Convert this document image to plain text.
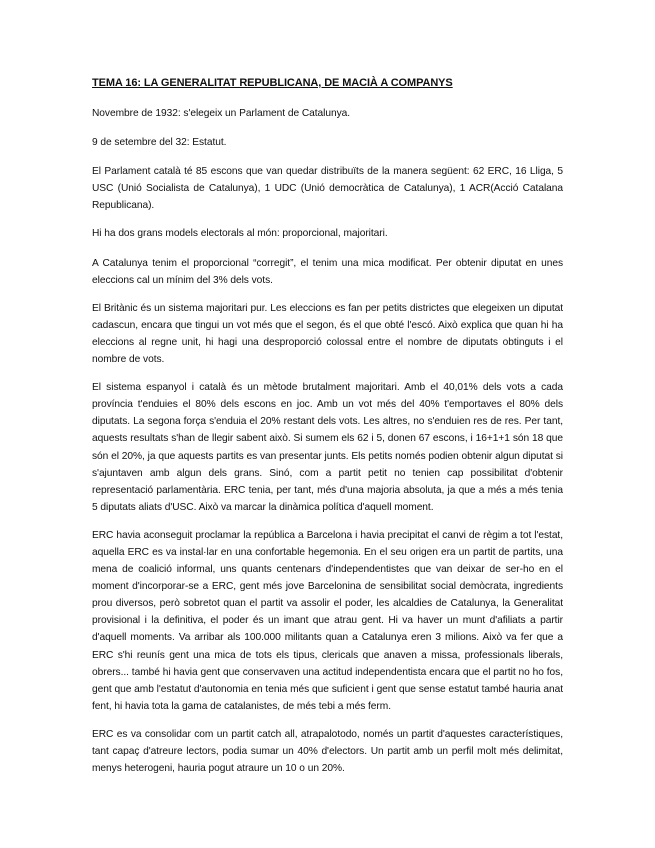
TEMA 16: LA GENERALITAT REPUBLICANA, DE MACIÀ A COMPANYS

Novembre de 1932: s'elegeix un Parlament de Catalunya.

9 de setembre del 32: Estatut.

El Parlament català té 85 escons que van quedar distribuïts de la manera següent: 62 ERC, 16 Lliga, 5 USC (Unió Socialista de Catalunya), 1 UDC (Unió democràtica de Catalunya), 1 ACR(Acció Catalana Republicana).

Hi ha dos grans models electorals al món: proporcional, majoritari.

A Catalunya tenim el proporcional “corregit”, el tenim una mica modificat. Per obtenir diputat en unes eleccions cal un mínim del 3% dels vots.

El Britànic és un sistema majoritari pur. Les eleccions es fan per petits districtes que elegeixen un diputat cadascun, encara que tingui un vot més que el segon, és el que obté l'escó. Això explica que quan hi ha eleccions al regne unit, hi hagi una desproporció colossal entre el nombre de diputats obtinguts i el nombre de vots.

El sistema espanyol i català és un mètode brutalment majoritari. Amb el 40,01% dels vots a cada província t'enduies el 80% dels escons en joc. Amb un vot més del 40% t'emportaves el 80% dels diputats. La segona força s'enduia el 20% restant dels vots. Les altres, no s'enduien res de res. Per tant, aquests resultats s'han de llegir sabent això. Si sumem els 62 i 5, donen 67 escons, i 16+1+1 són 18 que són el 20%, ja que aquests partits es van presentar junts. Els petits només podien obtenir algun diputat si s'ajuntaven amb algun dels grans. Sinó, com a partit petit no tenien cap possibilitat d'obtenir representació parlamentària. ERC tenia, per tant, més d'una majoria absoluta, ja que a més a més tenia 5 diputats aliats d'USC. Això va marcar la dinàmica política d'aquell moment.

ERC havia aconseguit proclamar la república a Barcelona i havia precipitat el canvi de règim a tot l'estat, aquella ERC es va instal·lar en una confortable hegemonia. En el seu origen era un partit de partits, una mena de coalició informal, uns quants centenars d'independentistes que van deixar de ser-ho en el moment d'incorporar-se a ERC, gent més jove Barcelonina de sensibilitat social demòcrata, ingredients prou diversos, però sobretot quan el partit va assolir el poder, les alcaldies de Catalunya, la Generalitat provisional i la definitiva, el poder és un imant que atrau gent. Hi va haver un munt d'afiliats a partir d'aquell moments. Va arribar als 100.000 militants quan a Catalunya eren 3 milions. Això va fer que a ERC s'hi reunís gent una mica de tots els tipus, clericals que anaven a missa, professionals liberals, obrers... també hi havia gent que conservaven una actitud independentista encara que el partit no ho fos, gent que amb l'estatut d'autonomia en tenia més que suficient i gent que sense estatut també hauria anat fent, hi havia tota la gama de catalanistes, de més tebi a més ferm.

ERC es va consolidar com un partit catch all, atrapalotodo, només un partit d'aquestes característiques, tant capaç d'atreure lectors, podia sumar un 40% d'electors. Un partit amb un perfil molt més delimitat, menys heterogeni, hauria pogut atraure un 10 o un 20%.
